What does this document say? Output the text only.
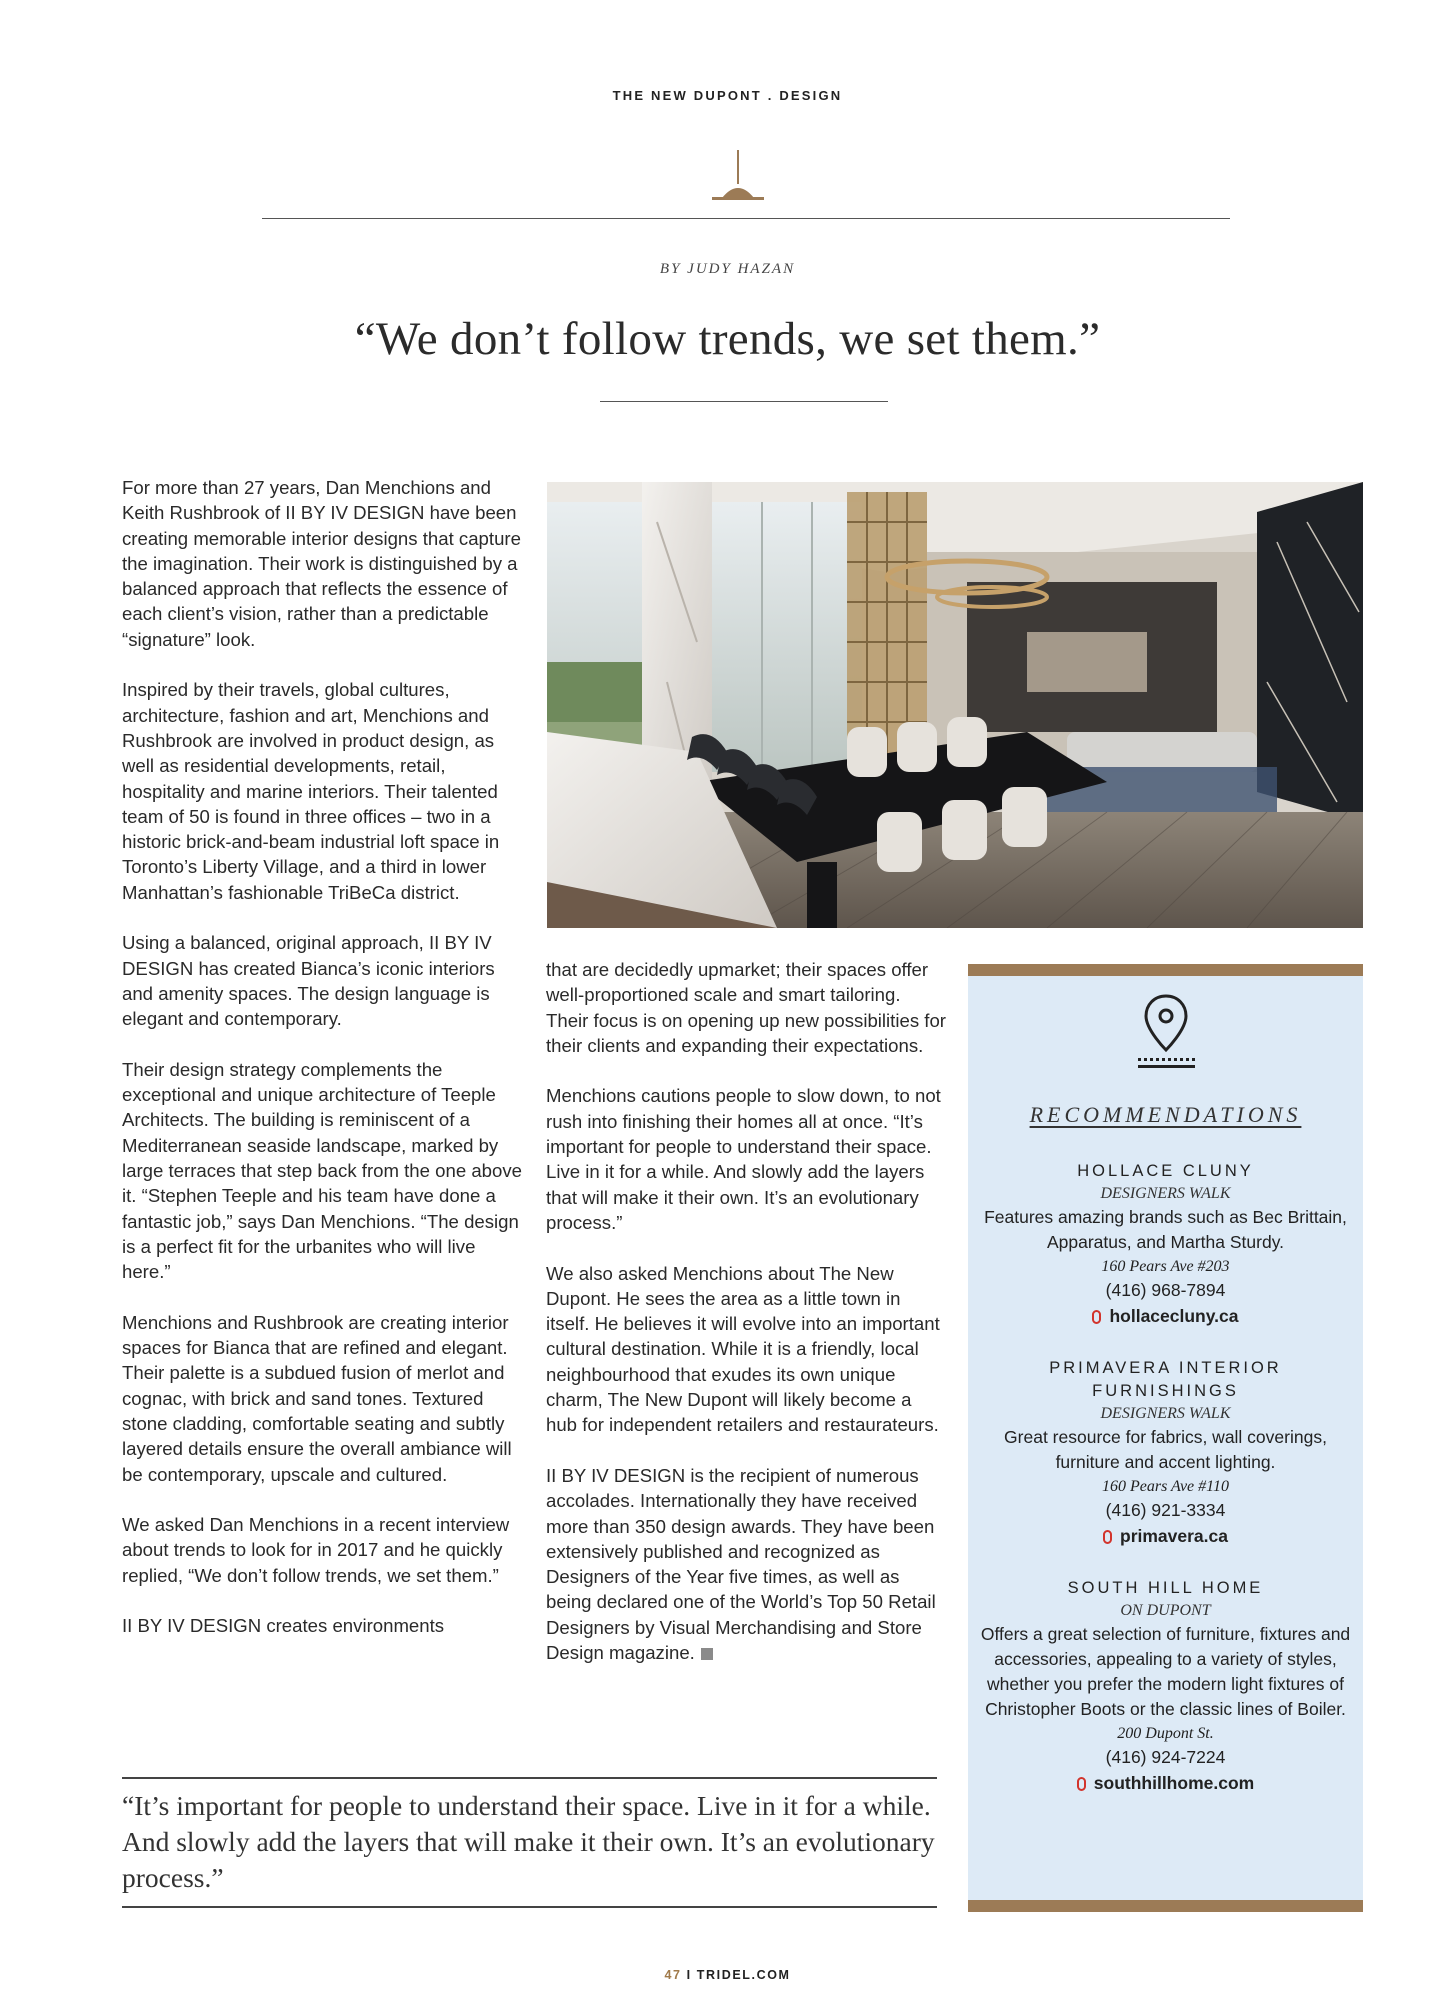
THE NEW DUPONT . DESIGN
BY JUDY HAZAN
“We don’t follow trends, we set them.”

For more than 27 years, Dan Menchions and Keith Rushbrook of II BY IV DESIGN have been creating memorable interior designs that capture the imagination. Their work is distinguished by a balanced approach that reflects the essence of each client’s vision, rather than a predictable “signature” look.

Inspired by their travels, global cultures, architecture, fashion and art, Menchions and Rushbrook are involved in product design, as well as residential developments, retail, hospitality and marine interiors. Their talented team of 50 is found in three offices – two in a historic brick-and-beam industrial loft space in Toronto’s Liberty Village, and a third in lower Manhattan’s fashionable TriBeCa district.

Using a balanced, original approach, II BY IV DESIGN has created Bianca’s iconic interiors and amenity spaces. The design language is elegant and contemporary.

Their design strategy complements the exceptional and unique architecture of Teeple Architects. The building is reminiscent of a Mediterranean seaside landscape, marked by large terraces that step back from the one above it. “Stephen Teeple and his team have done a fantastic job,” says Dan Menchions. “The design is a perfect fit for the urbanites who will live here.”

Menchions and Rushbrook are creating interior spaces for Bianca that are refined and elegant. Their palette is a subdued fusion of merlot and cognac, with brick and sand tones. Textured stone cladding, comfortable seating and subtly layered details ensure the overall ambiance will be contemporary, upscale and cultured.

We asked Dan Menchions in a recent interview about trends to look for in 2017 and he quickly replied, “We don’t follow trends, we set them.”

II BY IV DESIGN creates environments

that are decidedly upmarket; their spaces offer well-proportioned scale and smart tailoring. Their focus is on opening up new possibilities for their clients and expanding their expectations.

Menchions cautions people to slow down, to not rush into finishing their homes all at once. “It’s important for people to understand their space. Live in it for a while. And slowly add the layers that will make it their own. It’s an evolutionary process.”

We also asked Menchions about The New Dupont. He sees the area as a little town in itself. He believes it will evolve into an important cultural destination. While it is a friendly, local neighbourhood that exudes its own unique charm, The New Dupont will likely become a hub for independent retailers and restaurateurs.

II BY IV DESIGN is the recipient of numerous accolades. Internationally they have received more than 350 design awards. They have been extensively published and recognized as Designers of the Year five times, as well as being declared one of the World’s Top 50 Retail Designers by Visual Merchandising and Store Design magazine.

RECOMMENDATIONS
HOLLACE CLUNY
DESIGNERS WALK
Features amazing brands such as Bec Brittain, Apparatus, and Martha Sturdy.
160 Pears Ave #203
(416) 968-7894
hollacecluny.ca
PRIMAVERA INTERIOR FURNISHINGS
DESIGNERS WALK
Great resource for fabrics, wall coverings, furniture and accent lighting.
160 Pears Ave #110
(416) 921-3334
primavera.ca
SOUTH HILL HOME
ON DUPONT
Offers a great selection of furniture, fixtures and accessories, appealing to a variety of styles, whether you prefer the modern light fixtures of Christopher Boots or the classic lines of Boiler.
200 Dupont St.
(416) 924-7224
southhillhome.com
“It’s important for people to understand their space. Live in it for a while. And slowly add the layers that will make it their own. It’s an evolutionary process.”
47 I TRIDEL.COM
